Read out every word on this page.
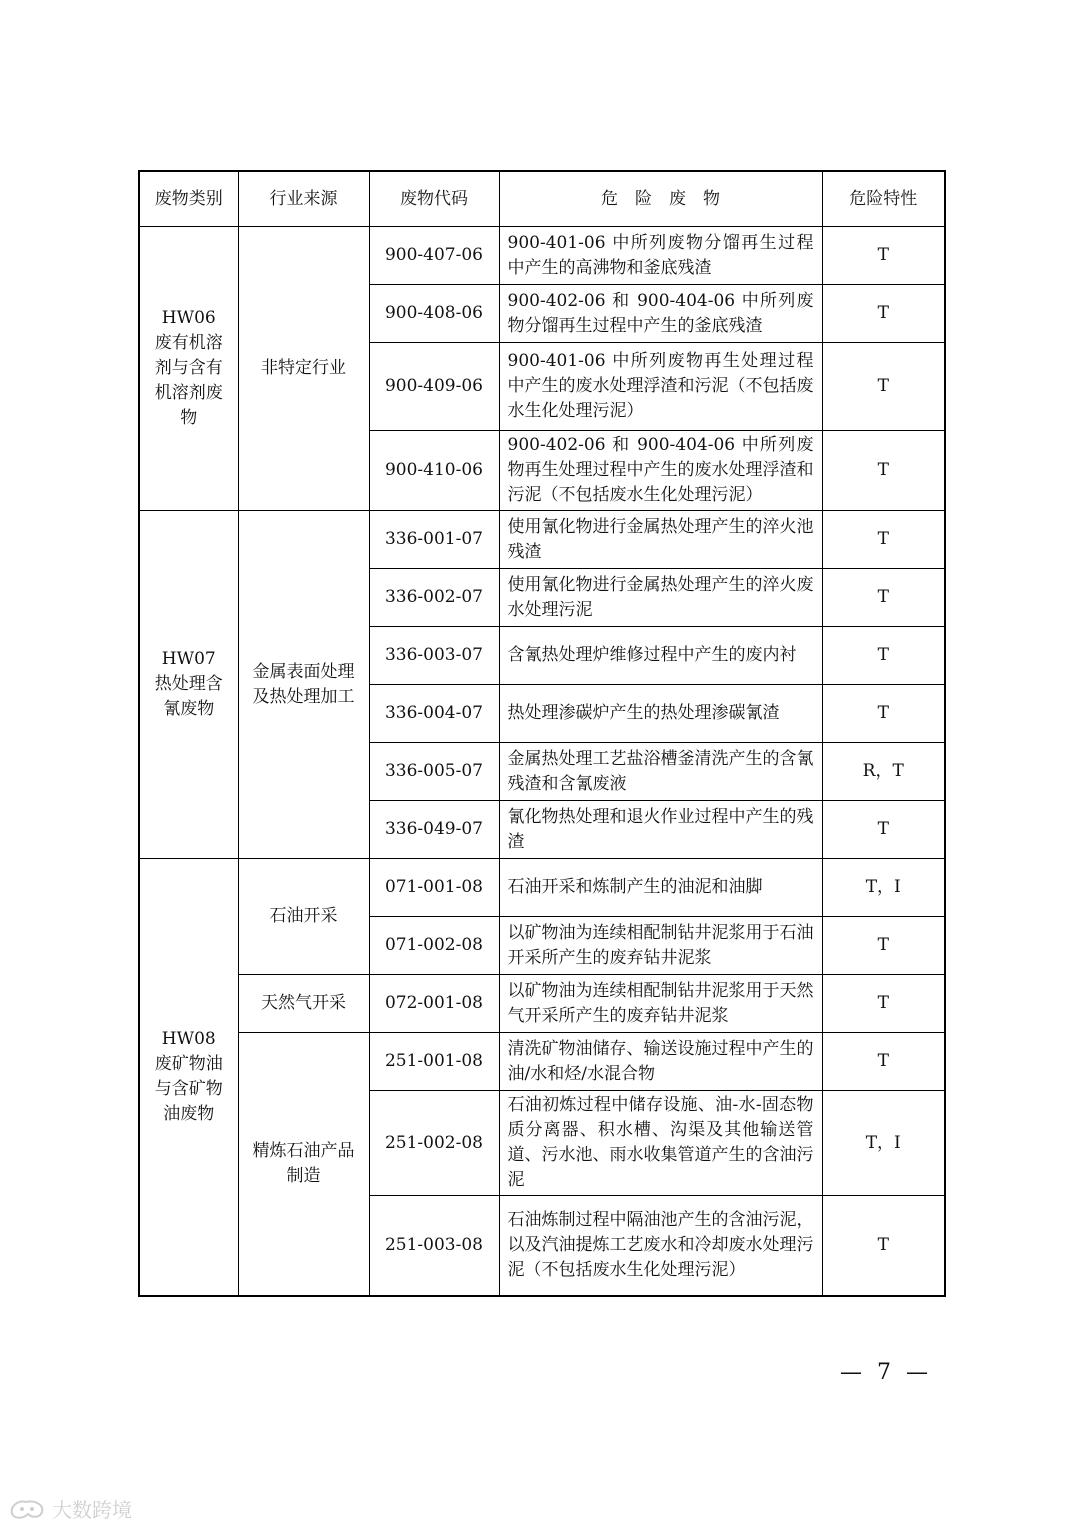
废物类别	行业来源	废物代码	危　险　废　物	危险特性
HW06
废有机溶剂与含有机溶剂废物	非特定行业	900-407-06	900-401-06 中所列废物分馏再生过程中产生的高沸物和釜底残渣	T
		900-408-06	900-402-06 和 900-404-06 中所列废物分馏再生过程中产生的釜底残渣	T
		900-409-06	900-401-06 中所列废物再生处理过程中产生的废水处理浮渣和污泥（不包括废水生化处理污泥）	T
		900-410-06	900-402-06 和 900-404-06 中所列废物再生处理过程中产生的废水处理浮渣和污泥（不包括废水生化处理污泥）	T
HW07
热处理含氰废物	金属表面处理及热处理加工	336-001-07	使用氰化物进行金属热处理产生的淬火池残渣	T
		336-002-07	使用氰化物进行金属热处理产生的淬火废水处理污泥	T
		336-003-07	含氰热处理炉维修过程中产生的废内衬	T
		336-004-07	热处理渗碳炉产生的热处理渗碳氰渣	T
		336-005-07	金属热处理工艺盐浴槽釜清洗产生的含氰残渣和含氰废液	R，T
		336-049-07	氰化物热处理和退火作业过程中产生的残渣	T
HW08
废矿物油与含矿物油废物	石油开采	071-001-08	石油开采和炼制产生的油泥和油脚	T，I
		071-002-08	以矿物油为连续相配制钻井泥浆用于石油开采所产生的废弃钻井泥浆	T
	天然气开采	072-001-08	以矿物油为连续相配制钻井泥浆用于天然气开采所产生的废弃钻井泥浆	T
	精炼石油产品制造	251-001-08	清洗矿物油储存、输送设施过程中产生的油/水和烃/水混合物	T
		251-002-08	石油初炼过程中储存设施、油-水-固态物质分离器、积水槽、沟渠及其他输送管道、污水池、雨水收集管道产生的含油污泥	T，I
		251-003-08	石油炼制过程中隔油池产生的含油污泥，以及汽油提炼工艺废水和冷却废水处理污泥（不包括废水生化处理污泥）	T
— 7 —
大数跨境
